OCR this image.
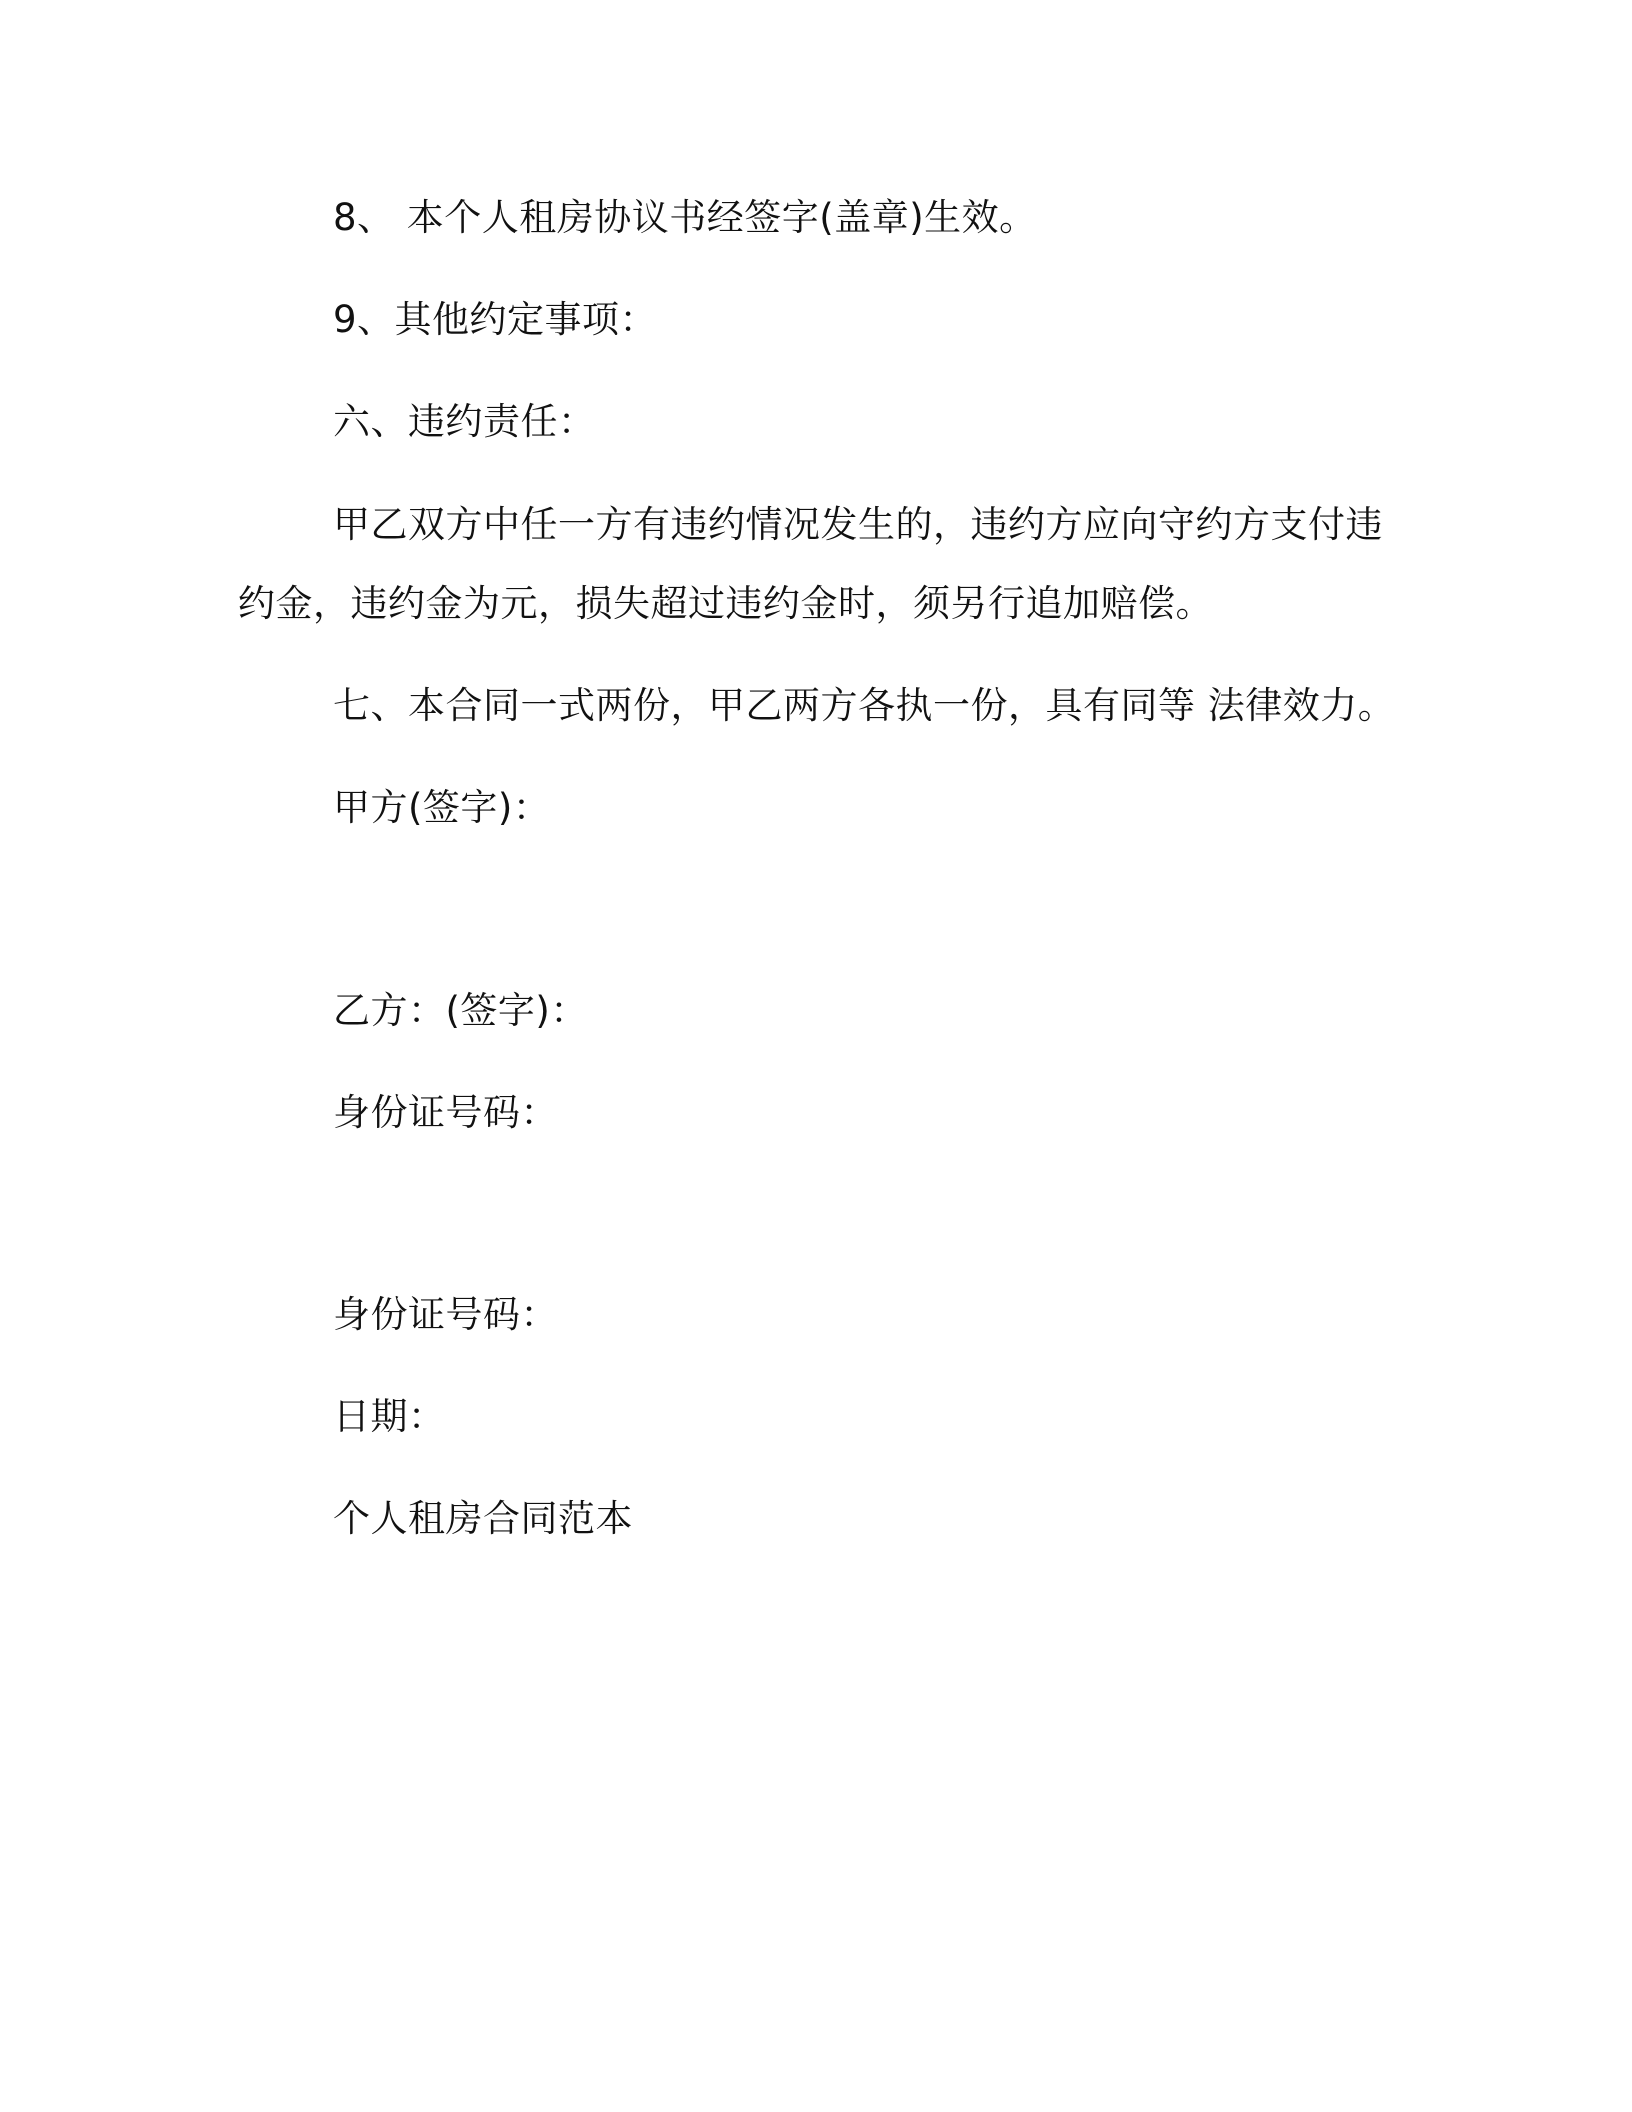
8、 本个人租房协议书经签字(盖章)生效。
9、其他约定事项：
六、违约责任：
甲乙双方中任一方有违约情况发生的，违约方应向守约方支付违
约金，违约金为元，损失超过违约金时，须另行追加赔偿。
七、本合同一式两份，甲乙两方各执一份，具有同等 法律效力。
甲方(签字)：
乙方：(签字)：
身份证号码：
身份证号码：
日期：
个人租房合同范本
